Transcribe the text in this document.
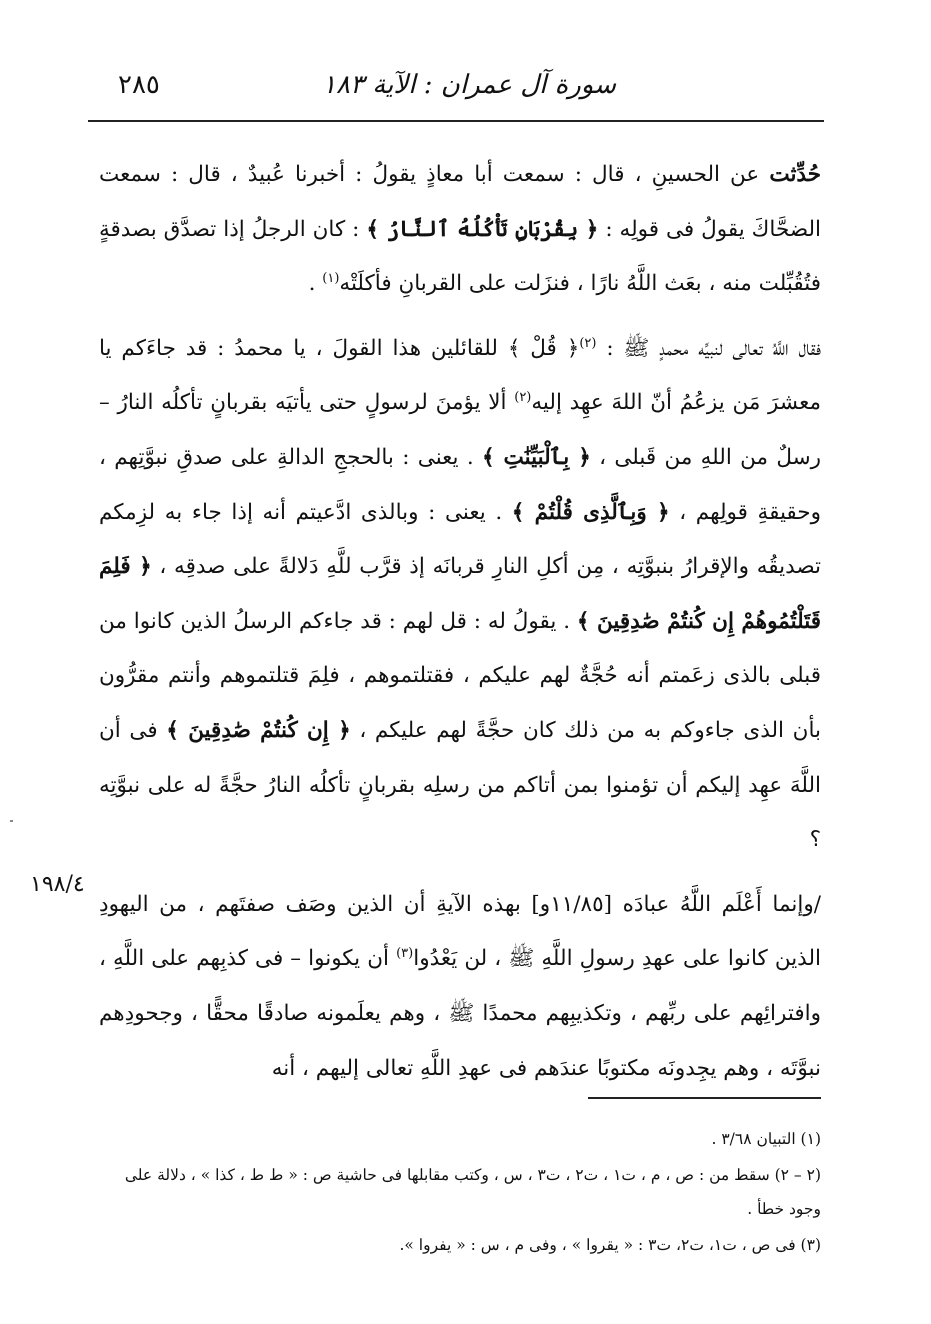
سورة آل عمران : الآية ١٨٣
٢٨٥

حُدِّثت عن الحسينِ ، قال : سمعت أبا معاذٍ يقولُ : أخبرنا عُبيدٌ ، قال : سمعت الضحَّاكَ يقولُ فى قولِه : ﴿ بِقُرْبَانٍ تَأْكُلُهُ ٱلنَّارُ ﴾ : كان الرجلُ إذا تصدَّق بصدقةٍ فتُقُبِّلت منه ، بعَث اللَّهُ نارًا ، فنزَلت على القربانِ فأكلَتْه$^{(١)}$ .

فقال اللَّهُ تعالى لنبيِّه محمدٍ ﷺ : $^{(٢)}$﴿ قُلْ ﴾ للقائلين هذا القولَ ، يا محمدُ : قد جاءَكم يا معشرَ مَن يزعُمُ أنّ اللهَ عهِد إليه$^{(٢)}$ ألا يؤمنَ لرسولٍ حتى يأتيَه بقربانٍ تأكلُه النارُ – رسلٌ من اللهِ من قَبلى ، ﴿ بِٱلْبَيِّنَٰتِ ﴾ . يعنى : بالحججِ الدالةِ على صدقِ نبوَّتِهم ، وحقيقةِ قولِهم ، ﴿ وَبِٱلَّذِى قُلْتُمْ ﴾ . يعنى : وبالذى ادَّعيتم أنه إذا جاء به لزِمكم تصديقُه والإقرارُ بنبوَّتِه ، مِن أكلِ النارِ قربانَه إذ قرَّب للَّهِ دَلالةً على صدقِه ، ﴿ فَلِمَ قَتَلْتُمُوهُمْ إِن كُنتُمْ صَٰدِقِينَ ﴾ . يقولُ له : قل لهم : قد جاءكم الرسلُ الذين كانوا من قبلى بالذى زعَمتم أنه حُجَّةٌ لهم عليكم ، فقتلتموهم ، فلِمَ قتلتموهم وأنتم مقرُّون بأن الذى جاءوكم به من ذلك كان حجَّةً لهم عليكم ، ﴿ إِن كُنتُمْ صَٰدِقِينَ ﴾ فى أن اللَّهَ عهِد إليكم أن تؤمنوا بمن أتاكم من رسلِه بقربانٍ تأكلُه النارُ حجَّةً له على نبوَّتِه ؟

/وإنما أَعْلَم اللَّهُ عبادَه [١١/٨٥و] بهذه الآيةِ أن الذين وصَف صفتَهم ، من اليهودِ الذين كانوا على عهدِ رسولِ اللَّهِ ﷺ ، لن يَعْدُوا$^{(٣)}$ أن يكونوا – فى كذبِهم على اللَّهِ ، وافترائِهم على ربِّهم ، وتكذيبِهم محمدًا ﷺ ، وهم يعلَمونه صادقًا محقًّا ، وجحودِهم نبوَّتَه ، وهم يجِدونَه مكتوبًا عندَهم فى عهدِ اللَّهِ تعالى إليهم ، أنه

١٩٨/٤

(١) التبيان ٣/٦٨ .

(٢ – ٢) سقط من : ص ، م ، ت١ ، ت٢ ، ت٣ ، س ، وكتب مقابلها فى حاشية ص : « ط ط ، كذا » ، دلالة على وجود خطأ .

(٣) فى ص ، ت١، ت٢، ت٣ : « يقروا » ، وفى م ، س : « يفروا ».
